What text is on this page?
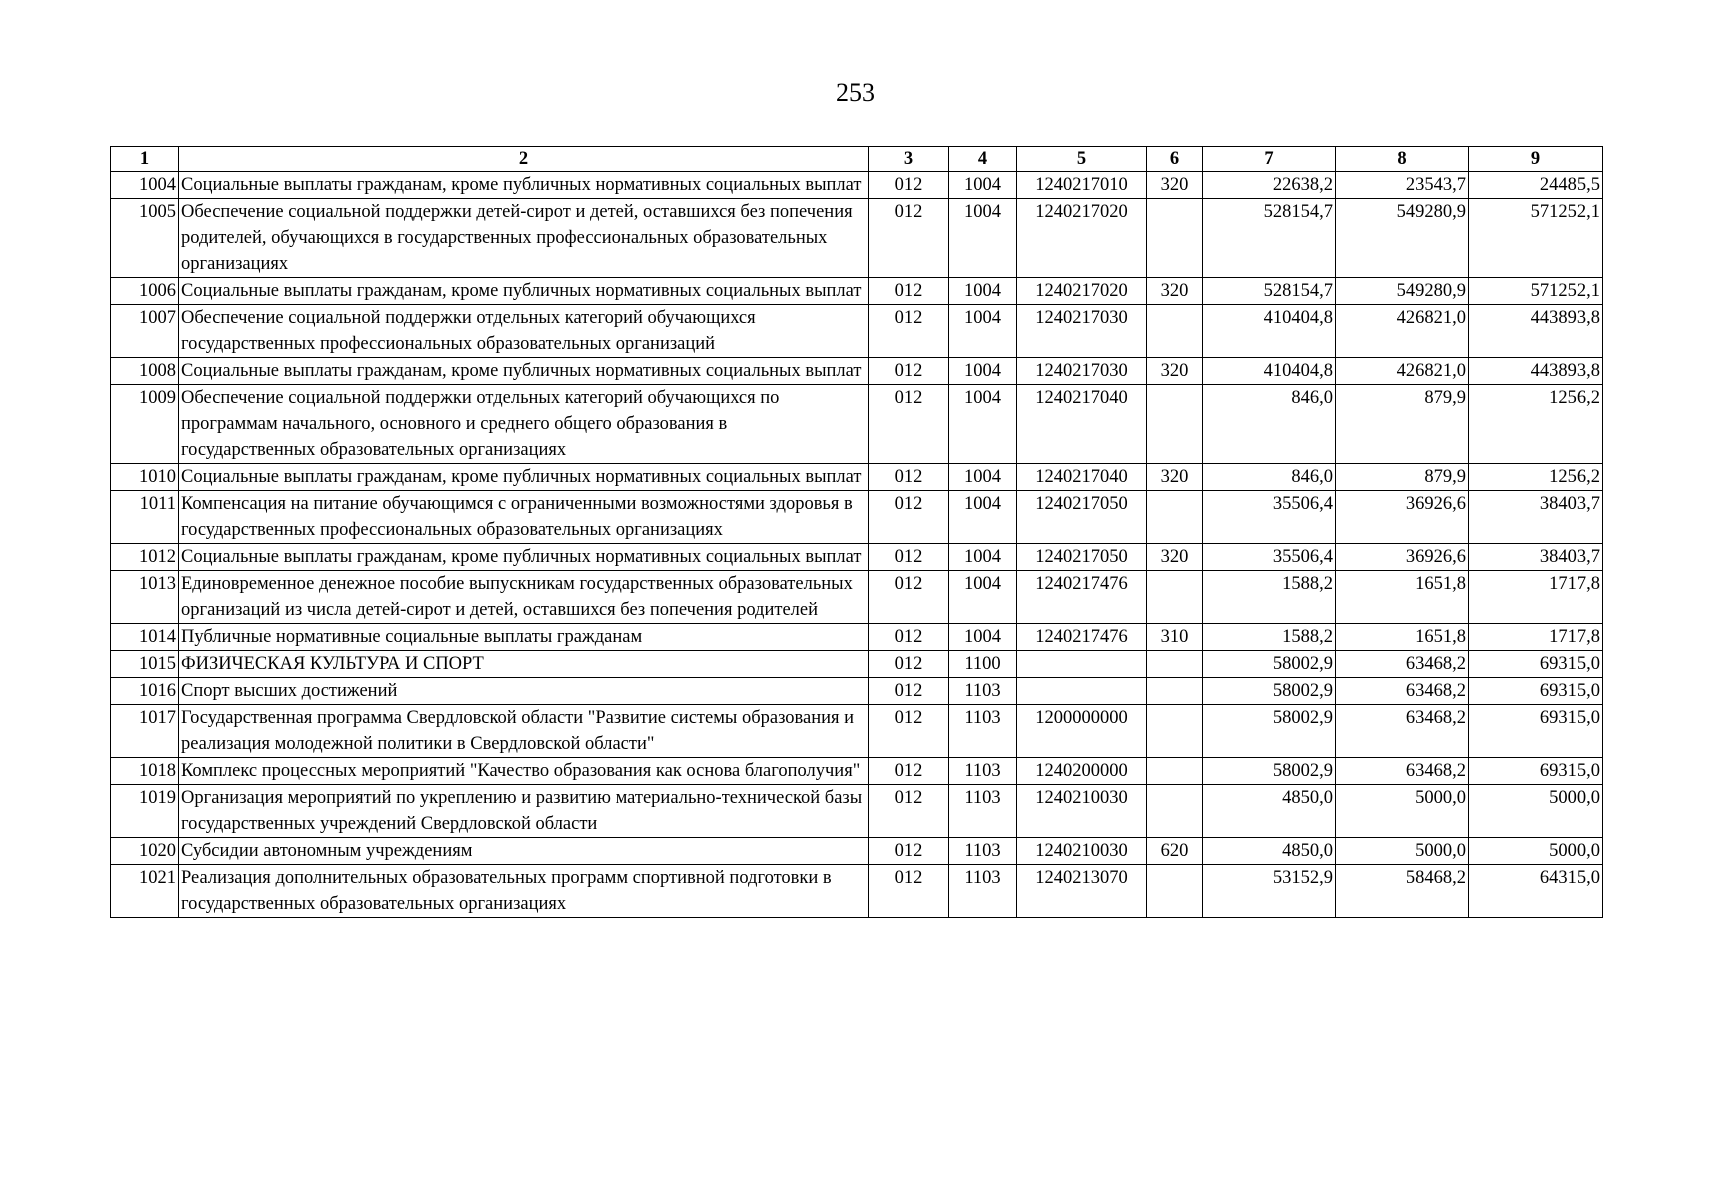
253
1	2	3	4	5	6	7	8	9
1004	Социальные выплаты гражданам, кроме публичных нормативных социальных выплат	012	1004	1240217010	320	22638,2	23543,7	24485,5
1005	Обеспечение социальной поддержки детей-сирот и детей, оставшихся без попечения родителей, обучающихся в государственных профессиональных образовательных организациях	012	1004	1240217020		528154,7	549280,9	571252,1
1006	Социальные выплаты гражданам, кроме публичных нормативных социальных выплат	012	1004	1240217020	320	528154,7	549280,9	571252,1
1007	Обеспечение социальной поддержки отдельных категорий обучающихся государственных профессиональных образовательных организаций	012	1004	1240217030		410404,8	426821,0	443893,8
1008	Социальные выплаты гражданам, кроме публичных нормативных социальных выплат	012	1004	1240217030	320	410404,8	426821,0	443893,8
1009	Обеспечение социальной поддержки отдельных категорий обучающихся по программам начального, основного и среднего общего образования в государственных образовательных организациях	012	1004	1240217040		846,0	879,9	1256,2
1010	Социальные выплаты гражданам, кроме публичных нормативных социальных выплат	012	1004	1240217040	320	846,0	879,9	1256,2
1011	Компенсация на питание обучающимся с ограниченными возможностями здоровья в государственных профессиональных образовательных организациях	012	1004	1240217050		35506,4	36926,6	38403,7
1012	Социальные выплаты гражданам, кроме публичных нормативных социальных выплат	012	1004	1240217050	320	35506,4	36926,6	38403,7
1013	Единовременное денежное пособие выпускникам государственных образовательных организаций из числа детей-сирот и детей, оставшихся без попечения родителей	012	1004	1240217476		1588,2	1651,8	1717,8
1014	Публичные нормативные социальные выплаты гражданам	012	1004	1240217476	310	1588,2	1651,8	1717,8
1015	ФИЗИЧЕСКАЯ КУЛЬТУРА И СПОРТ	012	1100			58002,9	63468,2	69315,0
1016	Спорт высших достижений	012	1103			58002,9	63468,2	69315,0
1017	Государственная программа Свердловской области "Развитие системы образования и реализация молодежной политики в Свердловской области"	012	1103	1200000000		58002,9	63468,2	69315,0
1018	Комплекс процессных мероприятий "Качество образования как основа благополучия"	012	1103	1240200000		58002,9	63468,2	69315,0
1019	Организация мероприятий по укреплению и развитию материально-технической базы государственных учреждений Свердловской области	012	1103	1240210030		4850,0	5000,0	5000,0
1020	Субсидии автономным учреждениям	012	1103	1240210030	620	4850,0	5000,0	5000,0
1021	Реализация дополнительных образовательных программ спортивной подготовки в государственных образовательных организациях	012	1103	1240213070		53152,9	58468,2	64315,0
